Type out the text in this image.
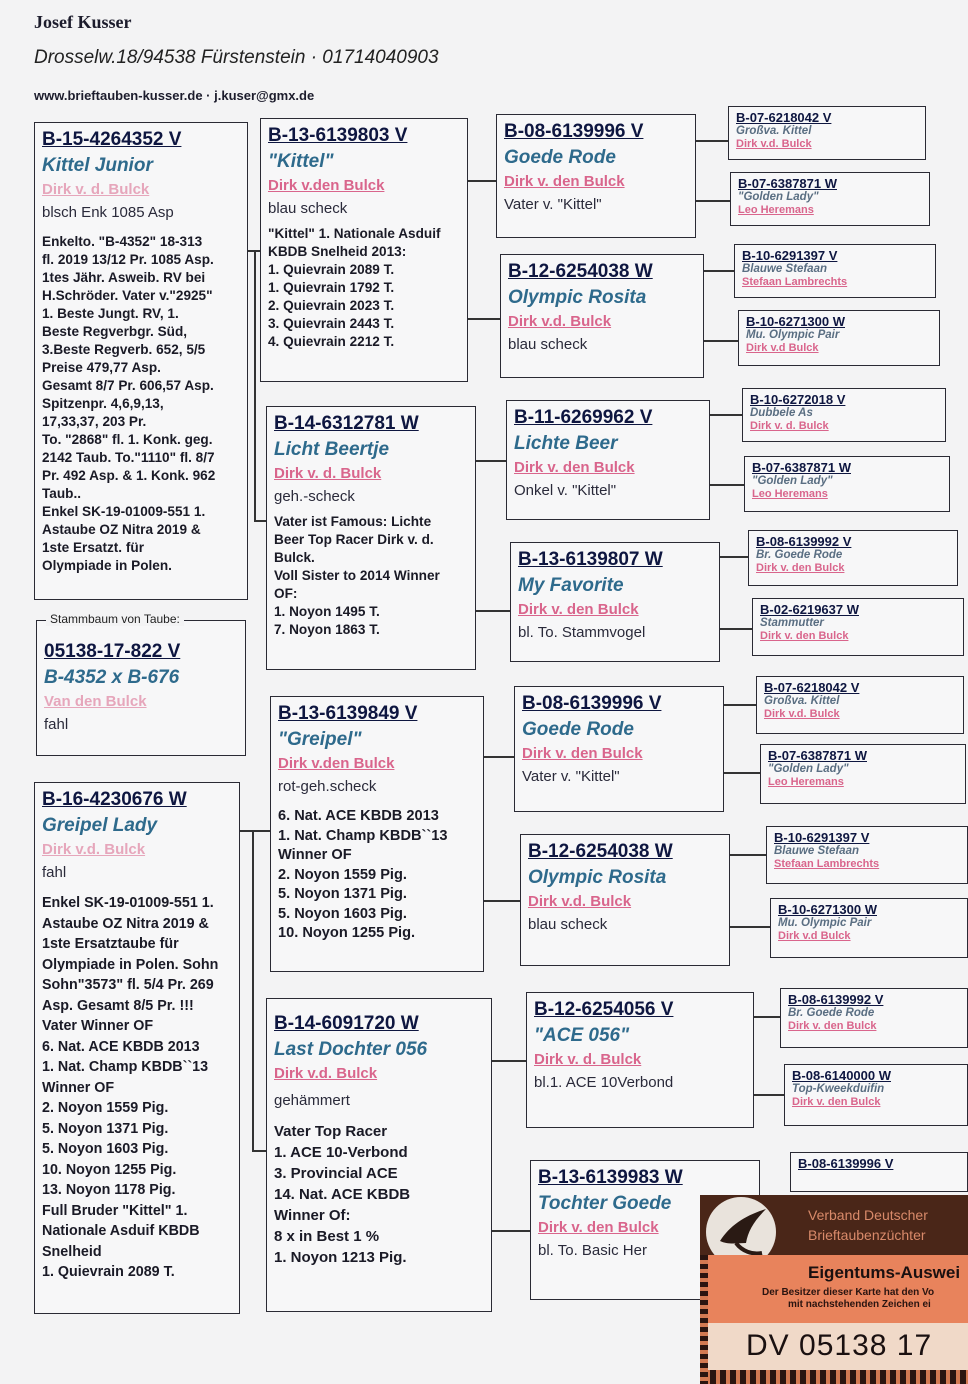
Josef Kusser
Drosselw.18/94538 Fürstenstein · 01714040903
www.brieftauben-kusser.de · j.kuser@gmx.de
B-15-4264352 V
Kittel Junior
Dirk v. d. Bulck
blsch Enk 1085 Asp
Enkelto. "B-4352" 18-313
fl. 2019 13/12 Pr. 1085 Asp.
1tes Jähr. Asweib. RV bei
H.Schröder. Vater v."2925"
1. Beste Jungt. RV, 1.
Beste Regverbgr. Süd,
3.Beste Regverb. 652, 5/5
Preise 479,77 Asp.
Gesamt 8/7 Pr. 606,57 Asp.
Spitzenpr. 4,6,9,13,
17,33,37, 203 Pr.
To. "2868" fl. 1. Konk. geg.
2142 Taub. To."1110" fl. 8/7
Pr. 492 Asp. & 1. Konk. 962
Taub..
Enkel SK-19-01009-551 1.
Astaube OZ Nitra 2019 &
1ste Ersatzt. für
Olympiade in Polen.
05138-17-822 V
B-4352 x B-676
Van den Bulck
fahl
Stammbaum von Taube:
B-16-4230676 W
Greipel Lady
Dirk v.d. Bulck
fahl
Enkel SK-19-01009-551 1.
Astaube OZ Nitra 2019 &
1ste Ersatztaube für
Olympiade in Polen. Sohn
Sohn"3573" fl. 5/4 Pr. 269
Asp. Gesamt 8/5 Pr. !!!
Vater Winner OF
6. Nat. ACE KBDB 2013
1. Nat. Champ KBDB``13
Winner OF
2. Noyon 1559 Pig.
5. Noyon 1371 Pig.
5. Noyon 1603 Pig.
10. Noyon 1255 Pig.
13. Noyon 1178 Pig.
Full Bruder "Kittel" 1.
Nationale Asduif KBDB
Snelheid
1. Quievrain 2089 T.
B-13-6139803 V
"Kittel"
Dirk v.den Bulck
blau scheck
"Kittel" 1. Nationale Asduif
KBDB Snelheid 2013:
1. Quievrain 2089 T.
1. Quievrain 1792 T.
2. Quievrain 2023 T.
3. Quievrain 2443 T.
4. Quievrain 2212 T.
B-14-6312781 W
Licht Beertje
Dirk v. d. Bulck
geh.-scheck
Vater ist Famous: Lichte
Beer Top Racer Dirk v. d.
Bulck.
Voll Sister to 2014 Winner
OF:
1. Noyon 1495 T.
7. Noyon 1863 T.
B-13-6139849 V
"Greipel"
Dirk v.den Bulck
rot-geh.scheck
6. Nat. ACE KBDB 2013
1. Nat. Champ KBDB``13
Winner OF
2. Noyon 1559 Pig.
5. Noyon 1371 Pig.
5. Noyon 1603 Pig.
10. Noyon 1255 Pig.
B-14-6091720 W
Last Dochter 056
Dirk v.d. Bulck
gehämmert
Vater Top Racer
1. ACE 10-Verbond
3. Provincial ACE
14. Nat. ACE KBDB
Winner Of:
8 x in Best 1 %
1. Noyon 1213 Pig.
B-08-6139996 V
Goede Rode
Dirk v. den Bulck
Vater v. "Kittel"
B-12-6254038 W
Olympic Rosita
Dirk v.d. Bulck
blau scheck
B-11-6269962 V
Lichte Beer
Dirk v. den Bulck
Onkel v. "Kittel"
B-13-6139807 W
My Favorite
Dirk v. den Bulck
bl. To. Stammvogel
B-08-6139996 V
Goede Rode
Dirk v. den Bulck
Vater v. "Kittel"
B-12-6254038 W
Olympic Rosita
Dirk v.d. Bulck
blau scheck
B-12-6254056 V
"ACE 056"
Dirk v. d. Bulck
bl.1. ACE 10Verbond
B-13-6139983 W
Tochter Goede
Dirk v. den Bulck
bl. To. Basic Her
B-07-6218042 V
Großva. Kittel
Dirk v.d. Bulck
B-07-6387871 W
"Golden Lady"
Leo Heremans
B-10-6291397 V
Blauwe Stefaan
Stefaan Lambrechts
B-10-6271300 W
Mu. Olympic Pair
Dirk v.d Bulck
B-10-6272018 V
Dubbele As
Dirk v. d. Bulck
B-07-6387871 W
"Golden Lady"
Leo Heremans
B-08-6139992 V
Br. Goede Rode
Dirk v. den Bulck
B-02-6219637 W
Stammutter
Dirk v. den Bulck
B-07-6218042 V
Großva. Kittel
Dirk v.d. Bulck
B-07-6387871 W
"Golden Lady"
Leo Heremans
B-10-6291397 V
Blauwe Stefaan
Stefaan Lambrechts
B-10-6271300 W
Mu. Olympic Pair
Dirk v.d Bulck
B-08-6139992 V
Br. Goede Rode
Dirk v. den Bulck
B-08-6140000 W
Top-Kweekduifin
Dirk v. den Bulck
B-08-6139996 V
Verband Deutscher
Brieftaubenzüchter
Eigentums-Auswei
Der Besitzer dieser Karte hat den Vo
mit nachstehenden Zeichen ei
DV 05138 17
